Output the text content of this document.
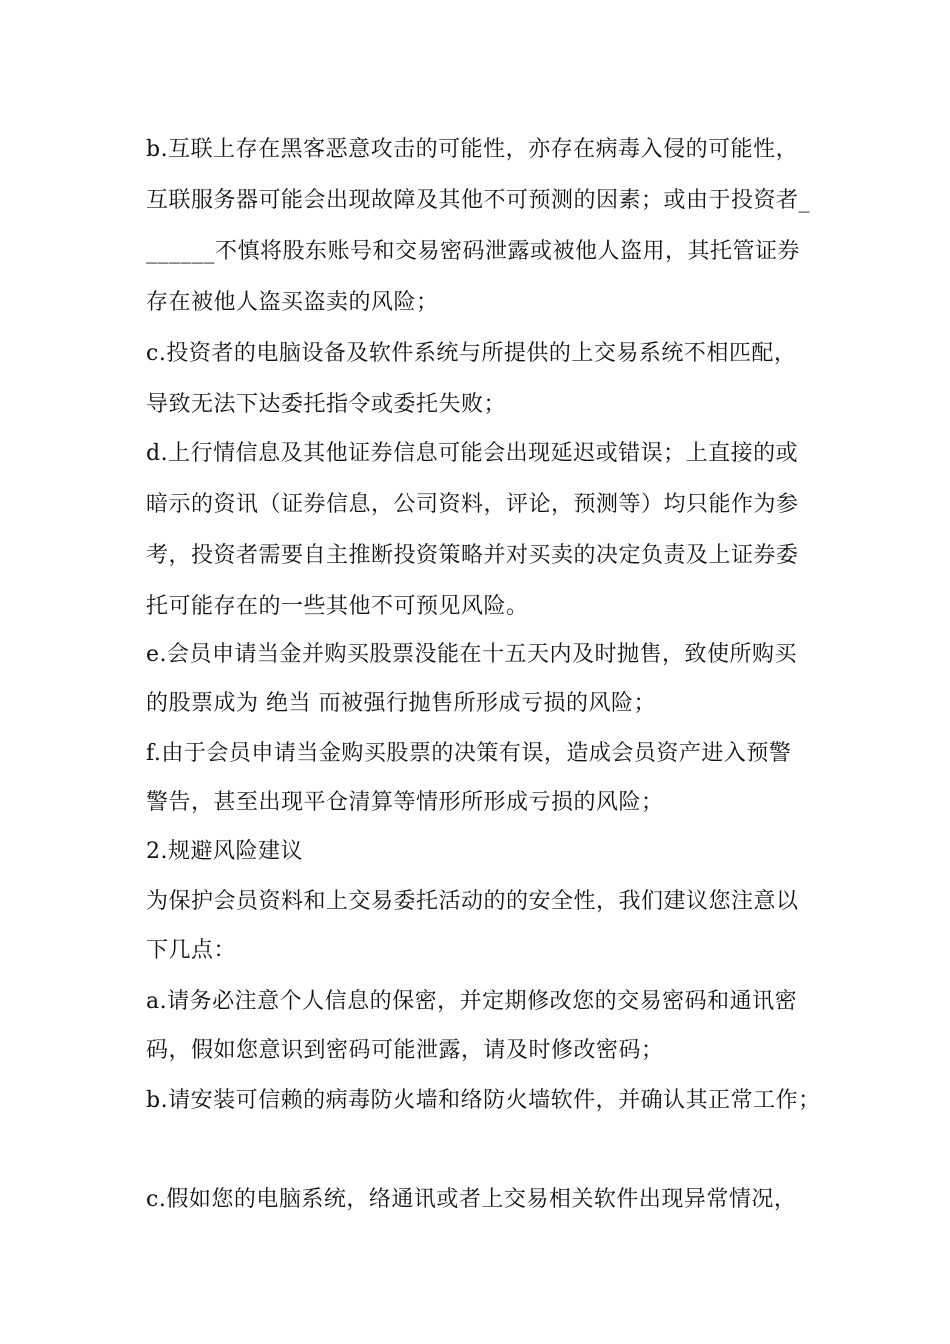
b.互联上存在黑客恶意攻击的可能性，亦存在病毒入侵的可能性，
互联服务器可能会出现故障及其他不可预测的因素；或由于投资者_
______不慎将股东账号和交易密码泄露或被他人盗用，其托管证券
存在被他人盗买盗卖的风险；
c.投资者的电脑设备及软件系统与所提供的上交易系统不相匹配，
导致无法下达委托指令或委托失败；
d.上行情信息及其他证券信息可能会出现延迟或错误；上直接的或
暗示的资讯（证券信息，公司资料，评论，预测等）均只能作为参
考，投资者需要自主推断投资策略并对买卖的决定负责及上证券委
托可能存在的一些其他不可预见风险。
e.会员申请当金并购买股票没能在十五天内及时抛售，致使所购买
的股票成为 绝当 而被强行抛售所形成亏损的风险；
f.由于会员申请当金购买股票的决策有误，造成会员资产进入预警
警告，甚至出现平仓清算等情形所形成亏损的风险；
2.规避风险建议
为保护会员资料和上交易委托活动的的安全性，我们建议您注意以
下几点：
a.请务必注意个人信息的保密，并定期修改您的交易密码和通讯密
码，假如您意识到密码可能泄露，请及时修改密码；
b.请安装可信赖的病毒防火墙和络防火墙软件，并确认其正常工作；
c.假如您的电脑系统，络通讯或者上交易相关软件出现异常情况，
